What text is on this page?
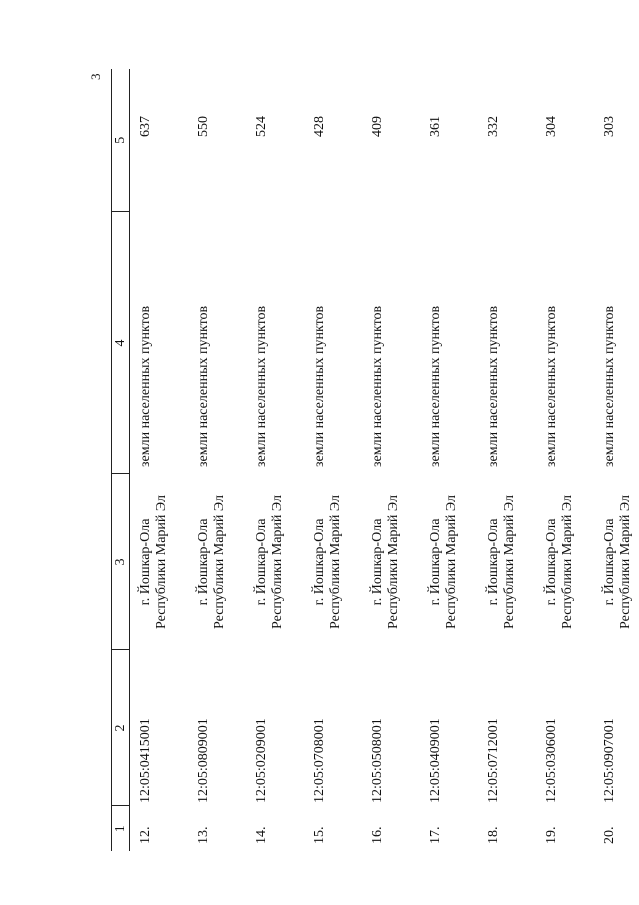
3
1	2	3	4	5
12.	12:05:0415001	г. Йошкар-Ола Республики Марий Эл	земли населенных пунктов	637
13.	12:05:0809001	г. Йошкар-Ола Республики Марий Эл	земли населенных пунктов	550
14.	12:05:0209001	г. Йошкар-Ола Республики Марий Эл	земли населенных пунктов	524
15.	12:05:0708001	г. Йошкар-Ола Республики Марий Эл	земли населенных пунктов	428
16.	12:05:0508001	г. Йошкар-Ола Республики Марий Эл	земли населенных пунктов	409
17.	12:05:0409001	г. Йошкар-Ола Республики Марий Эл	земли населенных пунктов	361
18.	12:05:0712001	г. Йошкар-Ола Республики Марий Эл	земли населенных пунктов	332
19.	12:05:0306001	г. Йошкар-Ола Республики Марий Эл	земли населенных пунктов	304
20.	12:05:0907001	г. Йошкар-Ола Республики Марий Эл	земли населенных пунктов	303
